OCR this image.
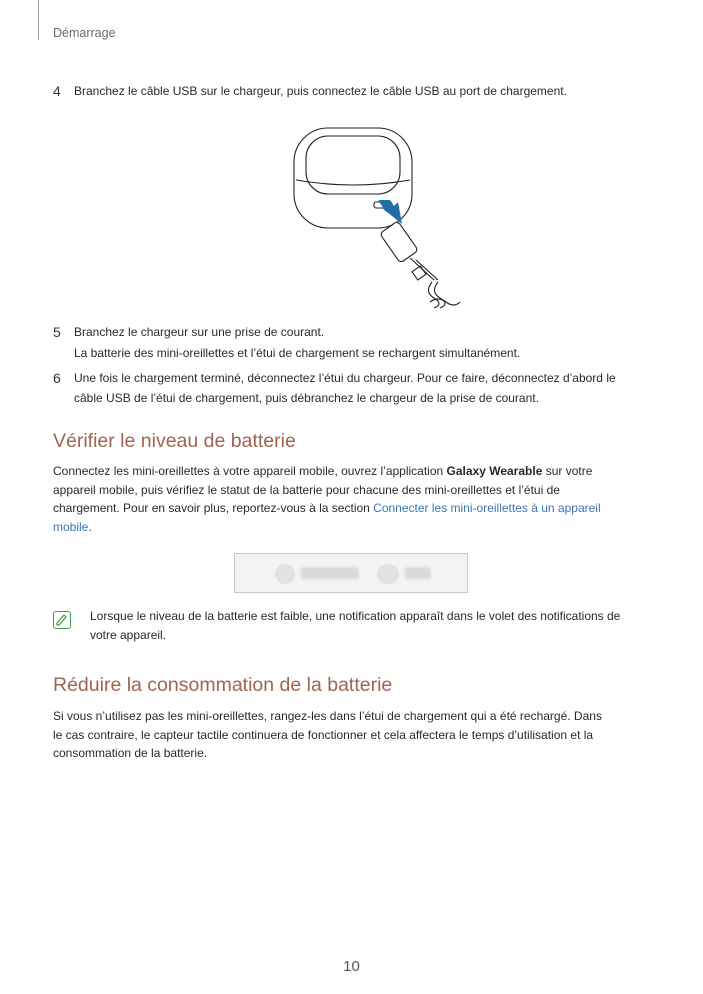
Démarrage
4 Branchez le câble USB sur le chargeur, puis connectez le câble USB au port de chargement.
5 Branchez le chargeur sur une prise de courant.
La batterie des mini-oreillettes et l’étui de chargement se rechargent simultanément.
6 Une fois le chargement terminé, déconnectez l’étui du chargeur. Pour ce faire, déconnectez d’abord le
câble USB de l’étui de chargement, puis débranchez le chargeur de la prise de courant.
Vérifier le niveau de batterie

Connectez les mini-oreillettes à votre appareil mobile, ouvrez l’application Galaxy Wearable sur votre

appareil mobile, puis vérifiez le statut de la batterie pour chacune des mini-oreillettes et l’étui de

chargement. Pour en savoir plus, reportez-vous à la section Connecter les mini-oreillettes à un appareil

mobile.

Lorsque le niveau de la batterie est faible, une notification apparaît dans le volet des notifications de

votre appareil.

Réduire la consommation de la batterie

Si vous n’utilisez pas les mini-oreillettes, rangez-les dans l’étui de chargement qui a été rechargé. Dans

le cas contraire, le capteur tactile continuera de fonctionner et cela affectera le temps d’utilisation et la

consommation de la batterie.

10
